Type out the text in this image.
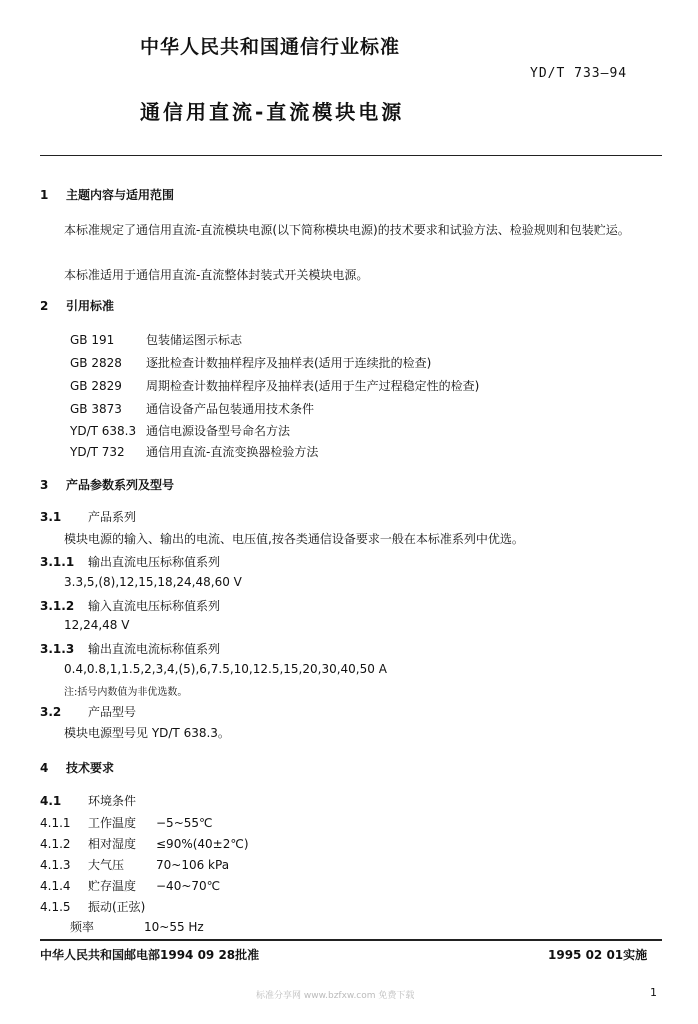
中华人民共和国通信行业标准
YD/T 733—94
通信用直流-直流模块电源
1 主题内容与适用范围
本标准规定了通信用直流-直流模块电源(以下简称模块电源)的技术要求和试验方法、检验规则和包装贮运。
本标准适用于通信用直流-直流整体封装式开关模块电源。
2 引用标准
GB 191	包装储运图示标志
GB 2828 逐批检查计数抽样程序及抽样表(适用于连续批的检查)
GB 2829 周期检查计数抽样程序及抽样表(适用于生产过程稳定性的检查)
GB 3873 通信设备产品包装通用技术条件
YD/T 638.3 通信电源设备型号命名方法
YD/T 732 通信用直流-直流变换器检验方法
3 产品参数系列及型号
3.1 产品系列
模块电源的输入、输出的电流、电压值,按各类通信设备要求一般在本标准系列中优选。
3.1.1 输出直流电压标称值系列
3.3,5,(8),12,15,18,24,48,60 V
3.1.2 输入直流电压标称值系列
12,24,48 V
3.1.3 输出直流电流标称值系列
0.4,0.8,1,1.5,2,3,4,(5),6,7.5,10,12.5,15,20,30,40,50 A
注:括号内数值为非优选数。
3.2 产品型号
模块电源型号见 YD/T 638.3。
4 技术要求
4.1 环境条件
4.1.1 工作温度 −5~55℃
4.1.2 相对湿度 ≤90%(40±2℃)
4.1.3 大气压	70~106 kPa
4.1.4 贮存温度 −40~70℃
4.1.5 振动(正弦)
频率	10~55 Hz
中华人民共和国邮电部1994 09 28批准	1995 02 01实施
标准分享网 www.bzfxw.com 免费下载	1
